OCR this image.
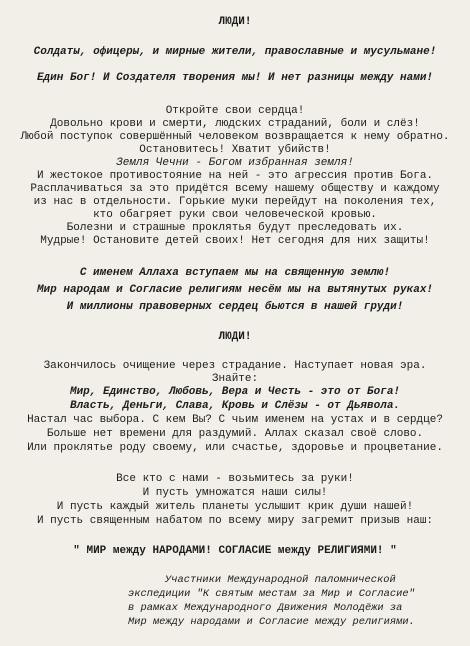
ЛЮДИ!
Солдаты, офицеры, и мирные жители, православные и мусульмане!
Един Бог! И Создателя творения мы! И нет разницы между нами!
Откройте свои сердца!
Довольно крови и смерти, людских страданий, боли и слёз!
Любой поступок совершённый человеком возвращается к нему обратно.
Остановитесь! Хватит убийств!
Земля Чечни - Богом избранная земля!
И жестокое противостояние на ней - это агрессия против Бога.
Расплачиваться за это придётся всему нашему обществу и каждому
из нас в отдельности. Горькие муки перейдут на поколения тех,
кто обагряет руки свои человеческой кровью.
Болезни и страшные проклятья будут преследовать их.
Мудрые! Остановите детей своих! Нет сегодня для них защиты!
С именем Аллаха вступаем мы на священную землю!
Мир народам и Согласие религиям несём мы на вытянутых руках!
И миллионы правоверных сердец бьются в нашей груди!
ЛЮДИ!
Закончилось очищение через страдание. Наступает новая эра.
Знайте:
Мир, Единство, Любовь, Вера и Честь - это от Бога!
Власть, Деньги, Слава, Кровь и Слёзы - от Дьявола.
Настал час выбора. С кем Вы? С чьим именем на устах и в сердце?
Больше нет времени для раздумий. Аллах сказал своё слово.
Или проклятье роду своему, или счастье, здоровье и процветание.
Все кто с нами - возьмитесь за руки!
И пусть умножатся наши силы!
И пусть каждый житель планеты услышит крик души нашей!
И пусть священным набатом по всему миру загремит призыв наш:
" МИР между НАРОДАМИ! СОГЛАСИЕ между РЕЛИГИЯМИ! "
Участники Международной паломнической
экспедиции "К святым местам за Мир и Согласие"
в рамках Международного Движения Молодёжи за
Мир между народами и Согласие между религиями.
